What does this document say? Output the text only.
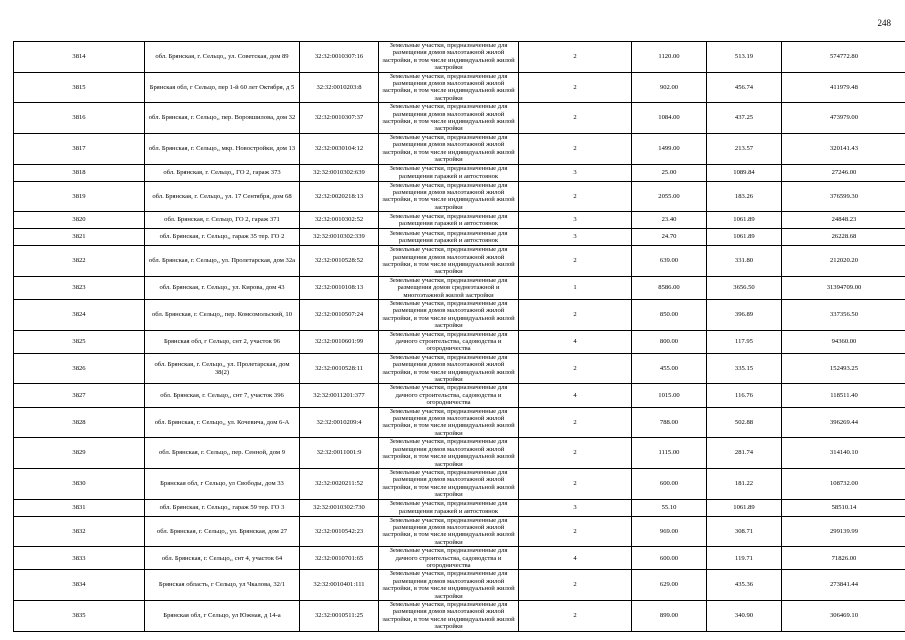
248
3814	обл. Брянская, г. Сельцо,, ул. Советская, дом 89	32:32:0010307:16	Земельные участки, предназначенные для размещения домов малоэтажной жилой застройки, в том числе индивидуальной жилой застройки	2	1120.00	513.19	574772.80
3815	Брянская обл, г Сельцо, пер 1-й 60 лет Октября, д 5	32:32:0010203:8	Земельные участки, предназначенные для размещения домов малоэтажной жилой застройки, в том числе индивидуальной жилой застройки	2	902.00	456.74	411979.48
3816	обл. Брянская, г. Сельцо,, пер. Воровшилова, дом 32	32:32:0010307:37	Земельные участки, предназначенные для размещения домов малоэтажной жилой застройки, в том числе индивидуальной жилой застройки	2	1084.00	437.25	473979.00
3817	обл. Брянская, г. Сельцо,, мкр. Новостройки, дом 13	32:32:0030104:12	Земельные участки, предназначенные для размещения домов малоэтажной жилой застройки, в том числе индивидуальной жилой застройки	2	1499.00	213.57	320141.43
3818	обл. Брянская, г. Сельцо,, ГО 2, гараж 373	32:32:0010302:639	Земельные участки, предназначенные для размещения гаражей и автостоянок	3	25.00	1089.84	27246.00
3819	обл. Брянская, г. Сельцо,, ул. 17 Сентября, дом 68	32:32:0020218:13	Земельные участки, предназначенные для размещения домов малоэтажной жилой застройки, в том числе индивидуальной жилой застройки	2	2055.00	183.26	376599.30
3820	обл. Брянская, г. Сельцо, ГО 2, гараж 371	32:32:0010302:52	Земельные участки, предназначенные для размещения гаражей и автостоянок	3	23.40	1061.89	24848.23
3821	обл. Брянская, г. Сельцо,, гараж 35 тер. ГО 2	32:32:0010302:339	Земельные участки, предназначенные для размещения гаражей и автостоянок	3	24.70	1061.89	26228.68
3822	обл. Брянская, г. Сельцо,, ул. Пролетарская, дом 32а	32:32:0010528:52	Земельные участки, предназначенные для размещения домов малоэтажной жилой застройки, в том числе индивидуальной жилой застройки	2	639.00	331.80	212020.20
3823	обл. Брянская, г. Сельцо,, ул. Кирова, дом 43	32:32:0010108:13	Земельные участки, предназначенные для размещения домов среднеэтажной и многоэтажной жилой застройки	1	8586.00	3656.50	31394709.00
3824	обл. Брянская, г. Сельцо,, пер. Комсомольский, 10	32:32:0010507:24	Земельные участки, предназначенные для размещения домов малоэтажной жилой застройки, в том числе индивидуальной жилой застройки	2	850.00	396.89	337356.50
3825	Брянская обл, г Сельцо, снт 2, участок 96	32:32:0010601:99	Земельные участки, предназначенные для дачного строительства, садоводства и огородничества	4	800.00	117.95	94360.00
3826	обл. Брянская, г. Сельцо,, ул. Пролетарская, дом 38(2)	32:32:0010528:11	Земельные участки, предназначенные для размещения домов малоэтажной жилой застройки, в том числе индивидуальной жилой застройки	2	455.00	335.15	152493.25
3827	обл. Брянская, г. Сельцо,, снт 7, участок 396	32:32:0011201:377	Земельные участки, предназначенные для дачного строительства, садоводства и огородничества	4	1015.00	116.76	118511.40
3828	обл. Брянская, г. Сельцо,, ул. Кочевича, дом 6-А	32:32:0010209:4	Земельные участки, предназначенные для размещения домов малоэтажной жилой застройки, в том числе индивидуальной жилой застройки	2	788.00	502.88	396269.44
3829	обл. Брянская, г. Сельцо,, пер. Сенной, дом 9	32:32:0011001:9	Земельные участки, предназначенные для размещения домов малоэтажной жилой застройки, в том числе индивидуальной жилой застройки	2	1115.00	281.74	314140.10
3830	Брянская обл, г Сельцо, ул Свободы, дом 33	32:32:0020211:52	Земельные участки, предназначенные для размещения домов малоэтажной жилой застройки, в том числе индивидуальной жилой застройки	2	600.00	181.22	108732.00
3831	обл. Брянская, г. Сельцо,, гараж 59 тер. ГО 3	32:32:0010302:730	Земельные участки, предназначенные для размещения гаражей и автостоянок	3	55.10	1061.89	58510.14
3832	обл. Брянская, г. Сельцо,, ул. Брянская, дом 27	32:32:0010542:23	Земельные участки, предназначенные для размещения домов малоэтажной жилой застройки, в том числе индивидуальной жилой застройки	2	969.00	308.71	299139.99
3833	обл. Брянская, г. Сельцо,, снт 4, участок 64	32:32:0010701:65	Земельные участки, предназначенные для дачного строительства, садоводства и огородничества	4	600.00	119.71	71826.00
3834	Брянская область, г Сельцо, ул Чкалова, 32/1	32:32:0010401:111	Земельные участки, предназначенные для размещения домов малоэтажной жилой застройки, в том числе индивидуальной жилой застройки	2	629.00	435.36	273841.44
3835	Брянская обл, г Сельцо, ул Южная, д 14-а	32:32:0010511:25	Земельные участки, предназначенные для размещения домов малоэтажной жилой застройки, в том числе индивидуальной жилой застройки	2	899.00	340.90	306469.10
